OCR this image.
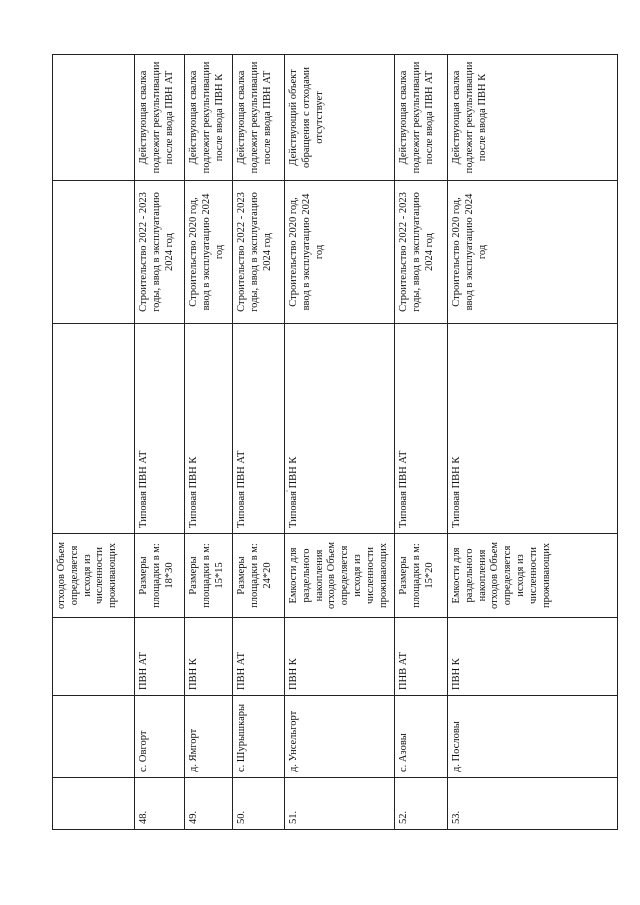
			отходов Объем определяется исходя из численности проживающих			
48.	с. Овгорт	ПВН АТ	Размеры площадки в м: 18*30	Типовая ПВН АТ	Строительство 2022 - 2023 годы, ввод в эксплуатацию 2024 год	Действующая свалка подлежит рекультивации после ввода ПВН АТ
49.	д. Ямгорт	ПВН К	Размеры площадки в м: 15*15	Типовая ПВН К	Строительство 2020 год, ввод в эксплуатацию 2024 год	Действующая свалка подлежит рекультивации после ввода ПВН К
50.	с. Шурышкары	ПВН АТ	Размеры площадки в м: 24*20	Типовая ПВН АТ	Строительство 2022 - 2023 годы, ввод в эксплуатацию 2024 год	Действующая свалка подлежит рекультивации после ввода ПВН АТ
51.	д. Унсельгорт	ПВН К	Емкости для раздельного накопления отходов Объем определяется исходя из численности проживающих	Типовая ПВН К	Строительство 2020 год, ввод в эксплуатацию 2024 год	Действующий объект обращения с отходами отсутствует
52.	с. Азовы	ПНВ АТ	Размеры площадки в м: 15*20	Типовая ПВН АТ	Строительство 2022 - 2023 годы, ввод в эксплуатацию 2024 год	Действующая свалка подлежит рекультивации после ввода ПВН АТ
53.	д. Пословы	ПВН К	Емкости для раздельного накопления отходов Объем определяется исходя из численности проживающих	Типовая ПВН К	Строительство 2020 год, ввод в эксплуатацию 2024 год	Действующая свалка подлежит рекультивации после ввода ПВН К
